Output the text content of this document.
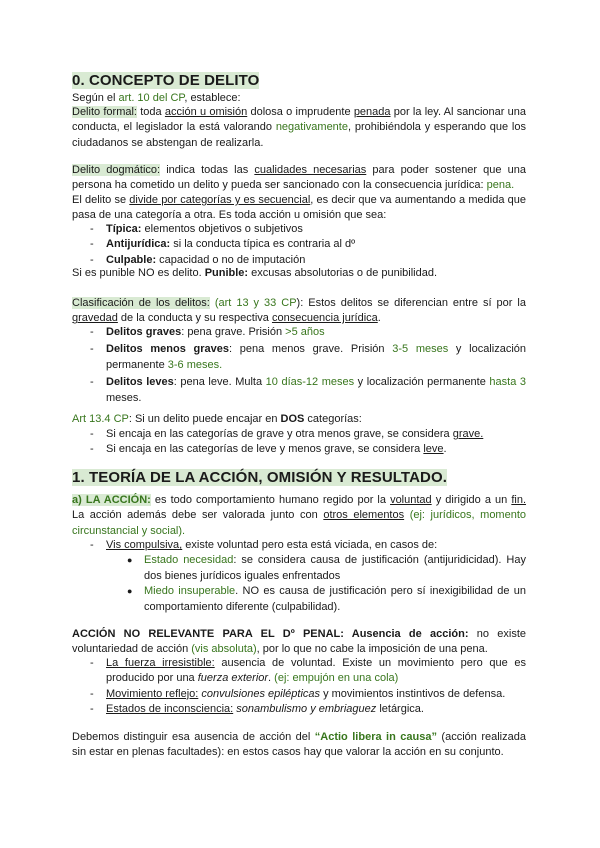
0. CONCEPTO DE DELITO
Según el art. 10 del CP, establece:
Delito formal: toda acción u omisión dolosa o imprudente penada por la ley. Al sancionar una conducta, el legislador la está valorando negativamente, prohibiéndola y esperando que los ciudadanos se abstengan de realizarla.
Delito dogmático: indica todas las cualidades necesarias para poder sostener que una persona ha cometido un delito y pueda ser sancionado con la consecuencia jurídica: pena.
El delito se divide por categorías y es secuencial, es decir que va aumentando a medida que pasa de una categoría a otra. Es toda acción u omisión que sea:
- Típica: elementos objetivos o subjetivos
- Antijurídica: si la conducta típica es contraria al dº
- Culpable: capacidad o no de imputación
Si es punible NO es delito. Punible: excusas absolutorias o de punibilidad.
Clasificación de los delitos: (art 13 y 33 CP): Estos delitos se diferencian entre sí por la gravedad de la conducta y su respectiva consecuencia jurídica.
- Delitos graves: pena grave. Prisión >5 años
- Delitos menos graves: pena menos grave. Prisión 3-5 meses y localización permanente 3-6 meses.
- Delitos leves: pena leve. Multa 10 días-12 meses y localización permanente hasta 3 meses.
Art 13.4 CP: Si un delito puede encajar en DOS categorías:
- Si encaja en las categorías de grave y otra menos grave, se considera grave.
- Si encaja en las categorías de leve y menos grave, se considera leve.
1. TEORÍA DE LA ACCIÓN, OMISIÓN Y RESULTADO.
a) LA ACCIÓN: es todo comportamiento humano regido por la voluntad y dirigido a un fin. La acción además debe ser valorada junto con otros elementos (ej: jurídicos, momento circunstancial y social).
- Vis compulsiva, existe voluntad pero esta está viciada, en casos de:
● Estado necesidad: se considera causa de justificación (antijuridicidad). Hay dos bienes jurídicos iguales enfrentados
● Miedo insuperable. NO es causa de justificación pero sí inexigibilidad de un comportamiento diferente (culpabilidad).
ACCIÓN NO RELEVANTE PARA EL Dº PENAL: Ausencia de acción: no existe voluntariedad de acción (vis absoluta), por lo que no cabe la imposición de una pena.
- La fuerza irresistible: ausencia de voluntad. Existe un movimiento pero que es producido por una fuerza exterior. (ej: empujón en una cola)
- Movimiento reflejo: convulsiones epilépticas y movimientos instintivos de defensa.
- Estados de inconsciencia: sonambulismo y embriaguez letárgica.
Debemos distinguir esa ausencia de acción del “Actio libera in causa” (acción realizada sin estar en plenas facultades): en estos casos hay que valorar la acción en su conjunto.
